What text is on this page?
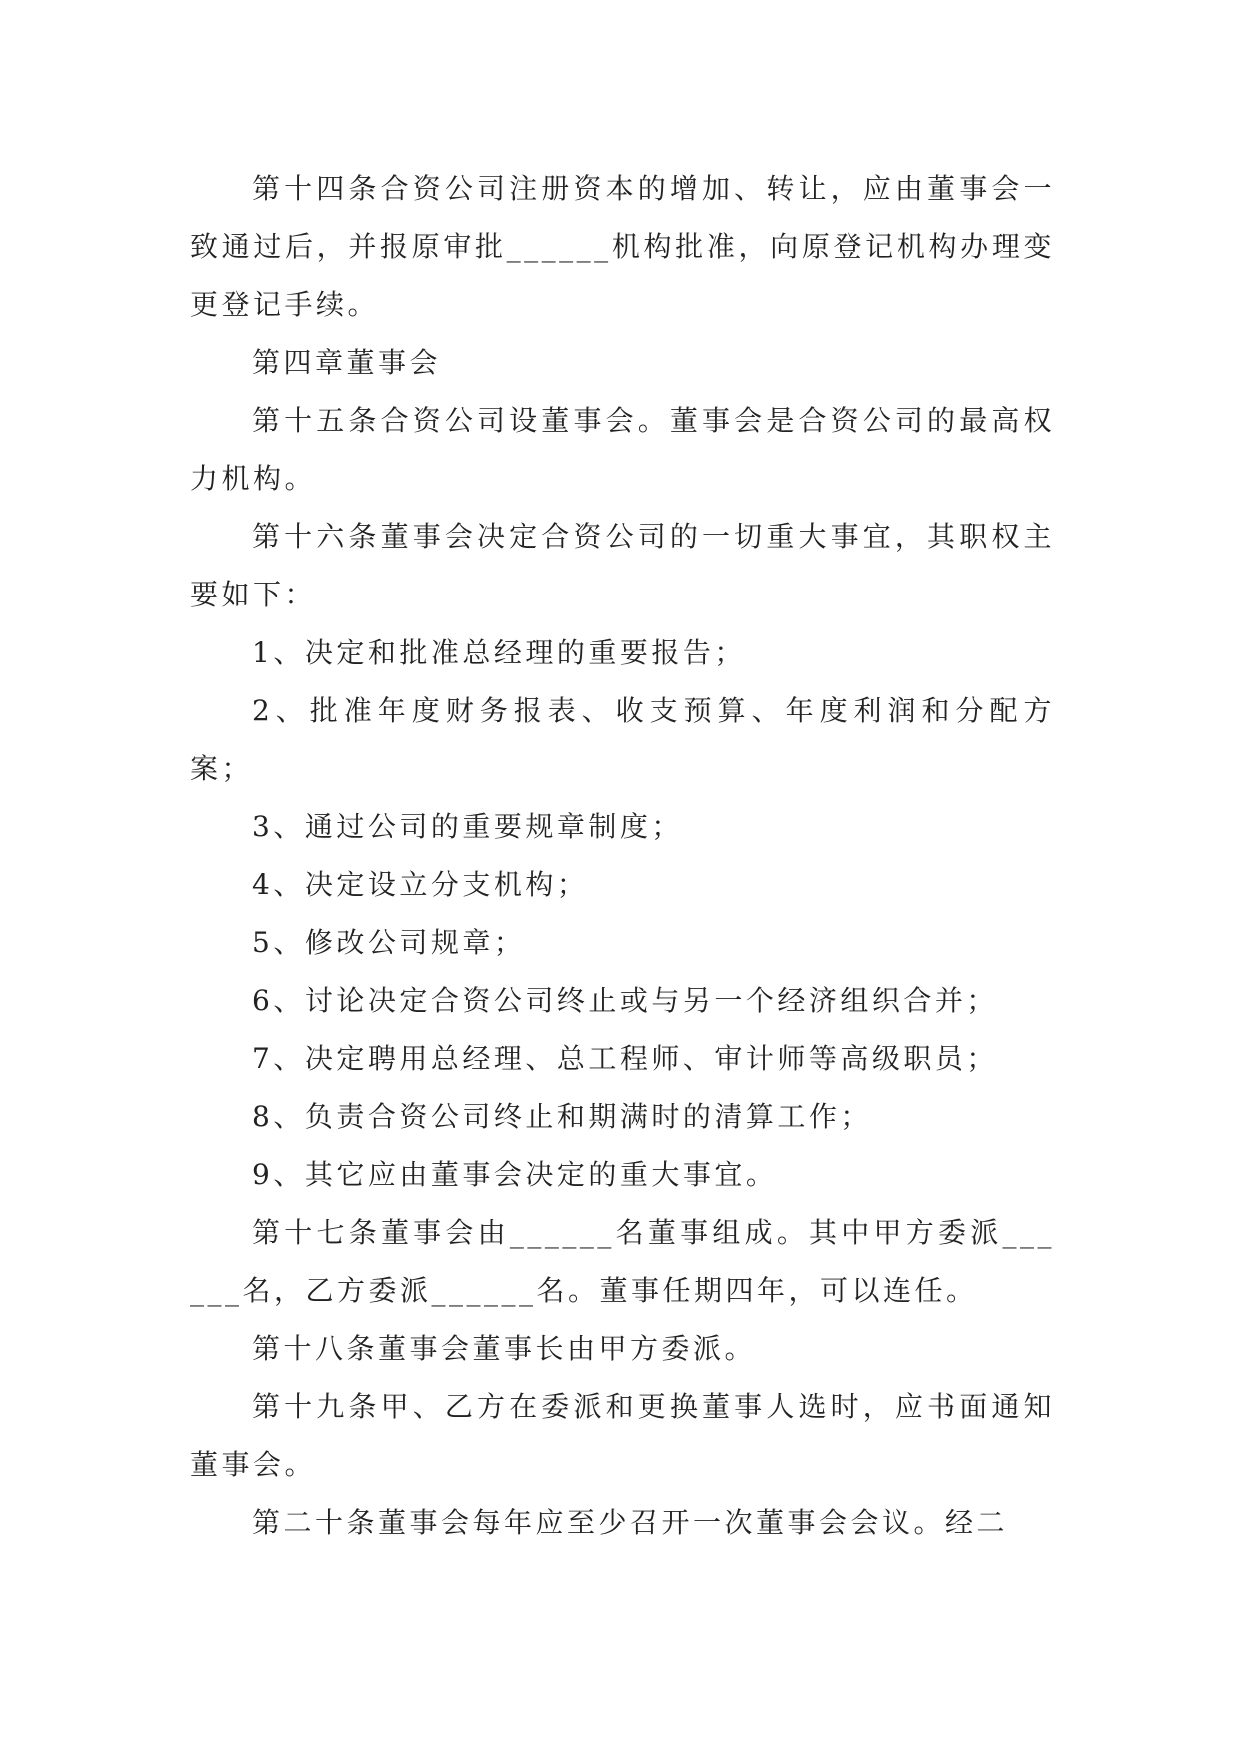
第十四条合资公司注册资本的增加、转让，应由董事会一致通过后，并报原审批______机构批准，向原登记机构办理变更登记手续。

第四章董事会

第十五条合资公司设董事会。董事会是合资公司的最高权力机构。

第十六条董事会决定合资公司的一切重大事宜，其职权主要如下：

1、决定和批准总经理的重要报告；

2、批准年度财务报表、收支预算、年度利润和分配方案；

3、通过公司的重要规章制度；

4、决定设立分支机构；

5、修改公司规章；

6、讨论决定合资公司终止或与另一个经济组织合并；

7、决定聘用总经理、总工程师、审计师等高级职员；

8、负责合资公司终止和期满时的清算工作；

9、其它应由董事会决定的重大事宜。

第十七条董事会由______名董事组成。其中甲方委派______名，乙方委派______名。董事任期四年，可以连任。

第十八条董事会董事长由甲方委派。

第十九条甲、乙方在委派和更换董事人选时，应书面通知董事会。

第二十条董事会每年应至少召开一次董事会会议。经二
